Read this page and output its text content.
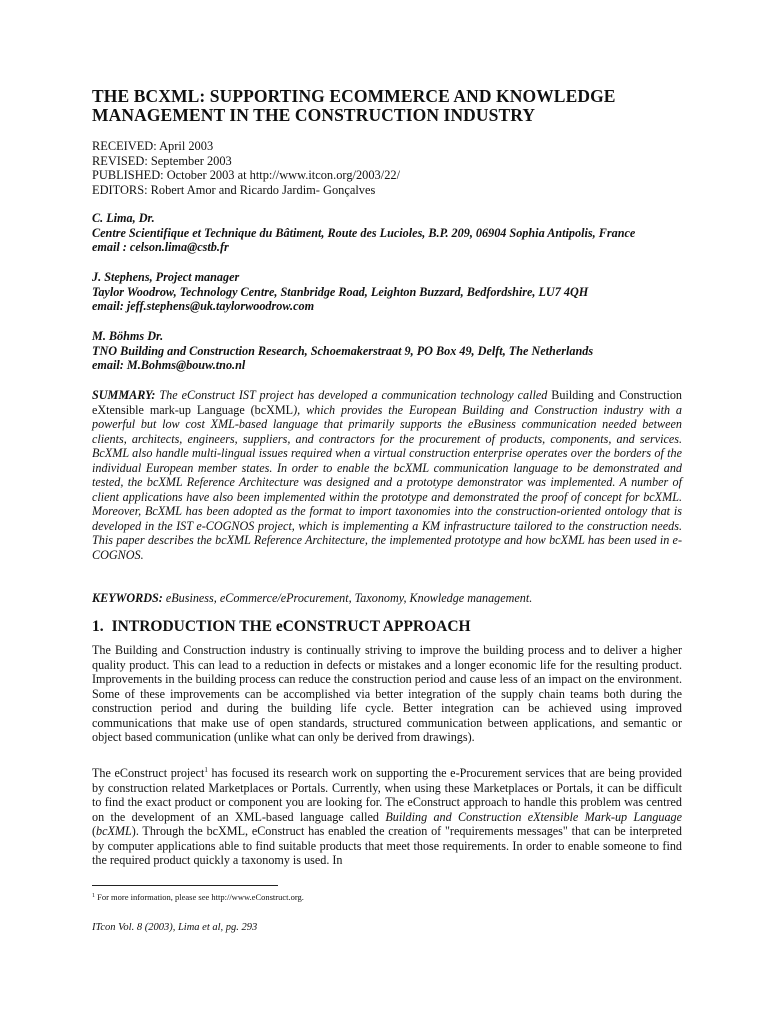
THE BCXML: SUPPORTING ECOMMERCE AND KNOWLEDGE
MANAGEMENT IN THE CONSTRUCTION INDUSTRY
RECEIVED: April 2003
REVISED: September 2003
PUBLISHED: October 2003 at http://www.itcon.org/2003/22/
EDITORS: Robert Amor and Ricardo Jardim- Gonçalves
C. Lima, Dr.
Centre Scientifique et Technique du Bâtiment, Route des Lucioles, B.P. 209, 06904 Sophia Antipolis, France
email : celson.lima@cstb.fr
J. Stephens, Project manager
Taylor Woodrow, Technology Centre, Stanbridge Road, Leighton Buzzard, Bedfordshire, LU7 4QH
email: jeff.stephens@uk.taylorwoodrow.com
M. Böhms Dr.
TNO Building and Construction Research, Schoemakerstraat 9, PO Box 49, Delft, The Netherlands
email: M.Bohms@bouw.tno.nl

SUMMARY: The eConstruct IST project has developed a communication technology called Building and Construction eXtensible mark-up Language (bcXML), which provides the European Building and Construction industry with a powerful but low cost XML-based language that primarily supports the eBusiness communication needed between clients, architects, engineers, suppliers, and contractors for the procurement of products, components, and services. BcXML also handle multi-lingual issues required when a virtual construction enterprise operates over the borders of the individual European member states. In order to enable the bcXML communication language to be demonstrated and tested, the bcXML Reference Architecture was designed and a prototype demonstrator was implemented. A number of client applications have also been implemented within the prototype and demonstrated the proof of concept for bcXML. Moreover, BcXML has been adopted as the format to import taxonomies into the construction-oriented ontology that is developed in the IST e-COGNOS project, which is implementing a KM infrastructure tailored to the construction needs. This paper describes the bcXML Reference Architecture, the implemented prototype and how bcXML has been used in e-COGNOS.

KEYWORDS: eBusiness, eCommerce/eProcurement, Taxonomy, Knowledge management.

1. INTRODUCTION THE eCONSTRUCT APPROACH

The Building and Construction industry is continually striving to improve the building process and to deliver a higher quality product. This can lead to a reduction in defects or mistakes and a longer economic life for the resulting product. Improvements in the building process can reduce the construction period and cause less of an impact on the environment. Some of these improvements can be accomplished via better integration of the supply chain teams both during the construction period and during the building life cycle. Better integration can be achieved using improved communications that make use of open standards, structured communication between applications, and semantic or object based communication (unlike what can only be derived from drawings).

The eConstruct project$^1$ has focused its research work on supporting the e-Procurement services that are being provided by construction related Marketplaces or Portals. Currently, when using these Marketplaces or Portals, it can be difficult to find the exact product or component you are looking for. The eConstruct approach to handle this problem was centred on the development of an XML-based language called Building and Construction eXtensible Mark-up Language (bcXML). Through the bcXML, eConstruct has enabled the creation of "requirements messages" that can be interpreted by computer applications able to find suitable products that meet those requirements. In order to enable someone to find the required product quickly a taxonomy is used. In

$^1$ For more information, please see http://www.eConstruct.org.
ITcon Vol. 8 (2003), Lima et al, pg. 293
